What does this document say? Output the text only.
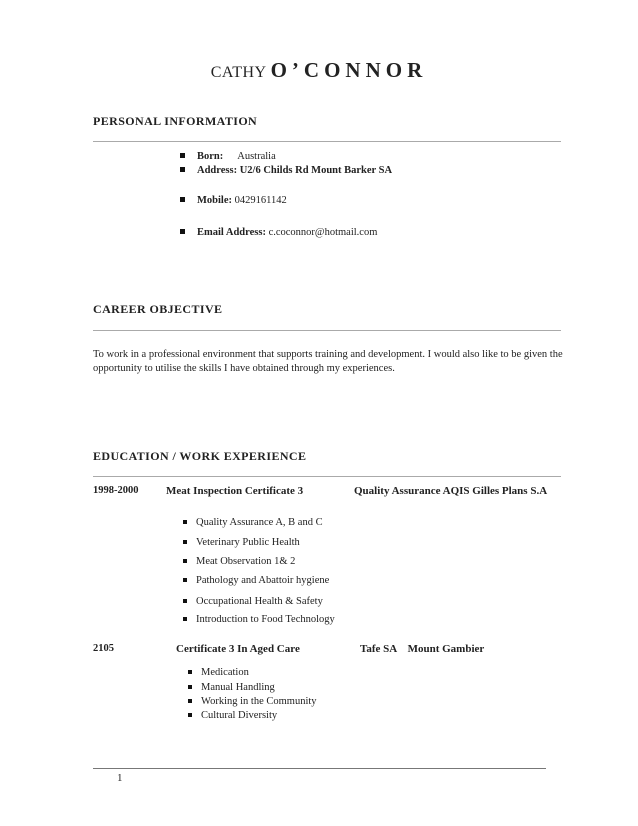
CATHY O’CONNOR
PERSONAL INFORMATION
Born: Australia
Address: U2/6 Childs Rd Mount Barker SA
Mobile: 0429161142
Email Address: c.coconnor@hotmail.com
CAREER OBJECTIVE
To work in a professional environment that supports training and development. I would also like to be given the opportunity to utilise the skills I have obtained through my experiences.
EDUCATION / WORK EXPERIENCE
1998-2000	Meat Inspection Certificate 3	Quality Assurance AQIS Gilles Plans S.A
Quality Assurance A, B and C
Veterinary Public Health
Meat Observation 1& 2
Pathology and Abattoir hygiene
Occupational Health & Safety
Introduction to Food Technology
2105	Certificate 3 In Aged Care	Tafe SA    Mount Gambier
Medication
Manual Handling
Working in the Community
Cultural Diversity
1
